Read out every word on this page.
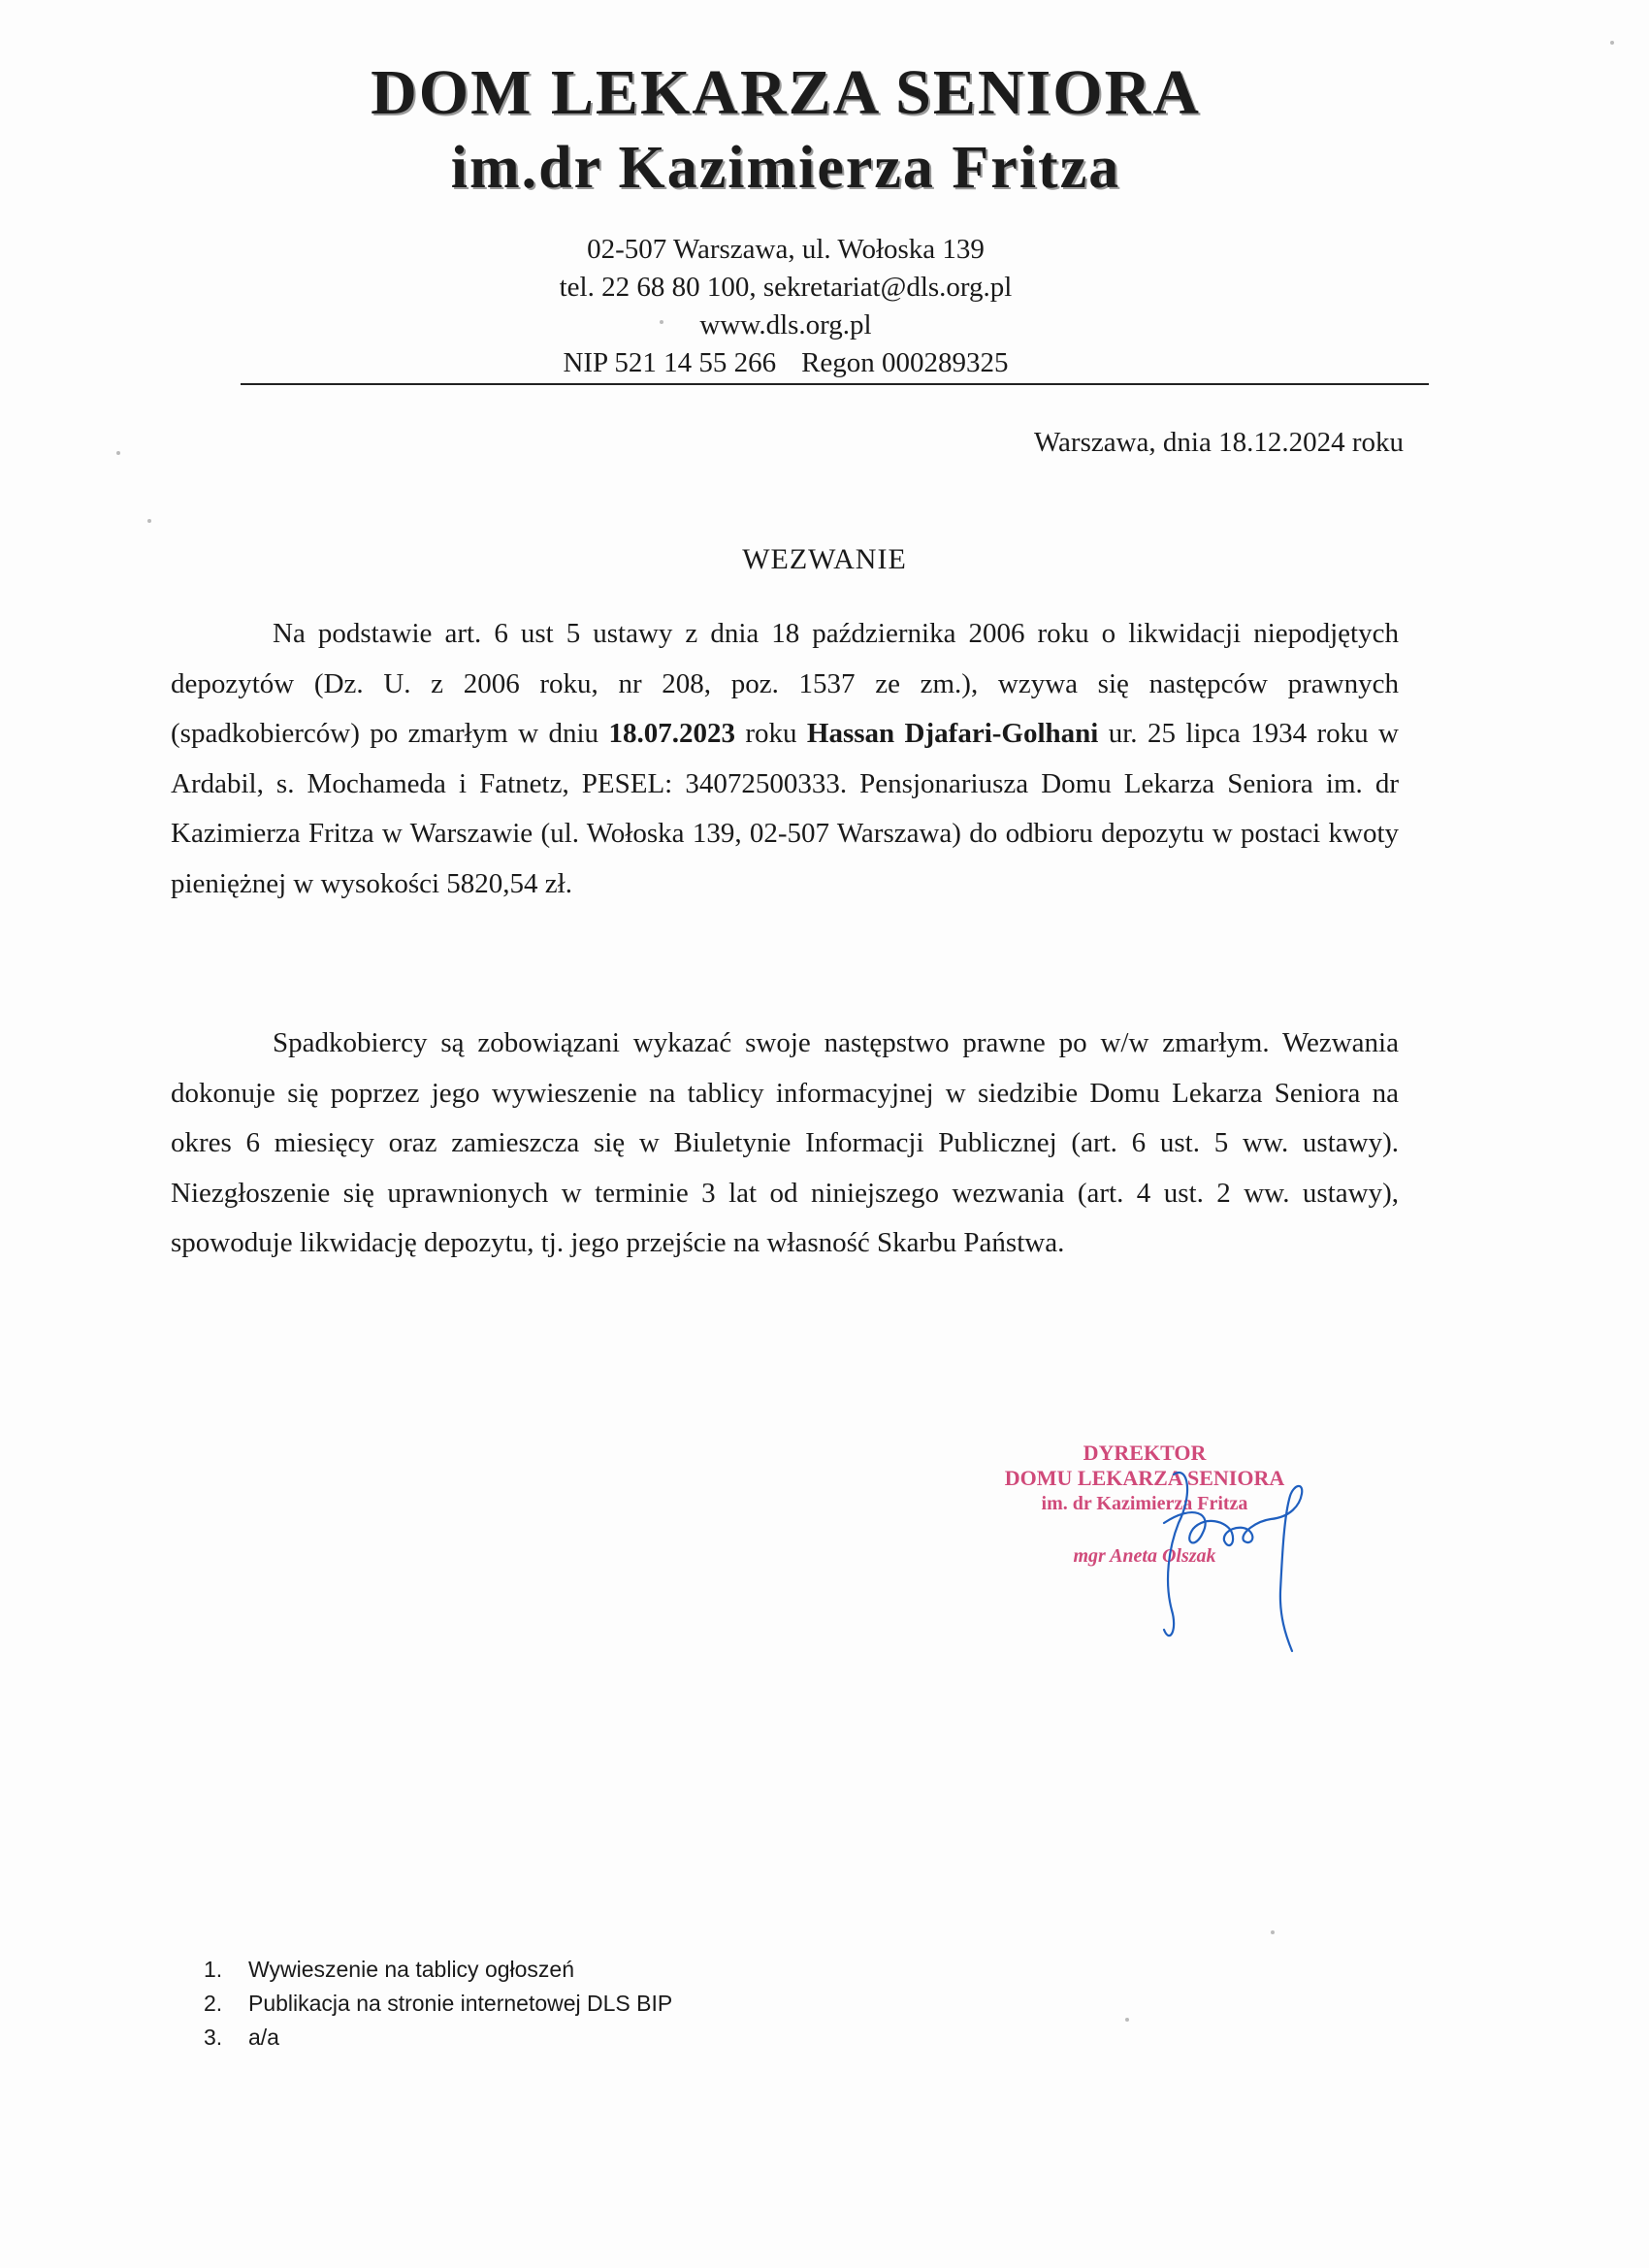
DOM LEKARZA SENIORA
im.dr Kazimierza Fritza
02-507 Warszawa, ul. Wołoska 139
tel. 22 68 80 100, sekretariat@dls.org.pl
www.dls.org.pl
NIP 521 14 55 266 Regon 000289325
Warszawa, dnia 18.12.2024 roku
WEZWANIE
Na podstawie art. 6 ust 5 ustawy z dnia 18 października 2006 roku o likwidacji niepodjętych depozytów (Dz. U. z 2006 roku, nr 208, poz. 1537 ze zm.), wzywa się następców prawnych (spadkobierców) po zmarłym w dniu 18.07.2023 roku Hassan Djafari-Golhani ur. 25 lipca 1934 roku w Ardabil, s. Mochameda i Fatnetz, PESEL: 34072500333. Pensjonariusza Domu Lekarza Seniora im. dr Kazimierza Fritza w Warszawie (ul. Wołoska 139, 02-507 Warszawa) do odbioru depozytu w postaci kwoty pieniężnej w wysokości 5820,54 zł.
Spadkobiercy są zobowiązani wykazać swoje następstwo prawne po w/w zmarłym. Wezwania dokonuje się poprzez jego wywieszenie na tablicy informacyjnej w siedzibie Domu Lekarza Seniora na okres 6 miesięcy oraz zamieszcza się w Biuletynie Informacji Publicznej (art. 6 ust. 5 ww. ustawy). Niezgłoszenie się uprawnionych w terminie 3 lat od niniejszego wezwania (art. 4 ust. 2 ww. ustawy), spowoduje likwidację depozytu, tj. jego przejście na własność Skarbu Państwa.
DYREKTOR
DOMU LEKARZA SENIORA
im. dr Kazimierza Fritza
mgr Aneta Olszak
1. Wywieszenie na tablicy ogłoszeń
2. Publikacja na stronie internetowej DLS BIP
3. a/a
